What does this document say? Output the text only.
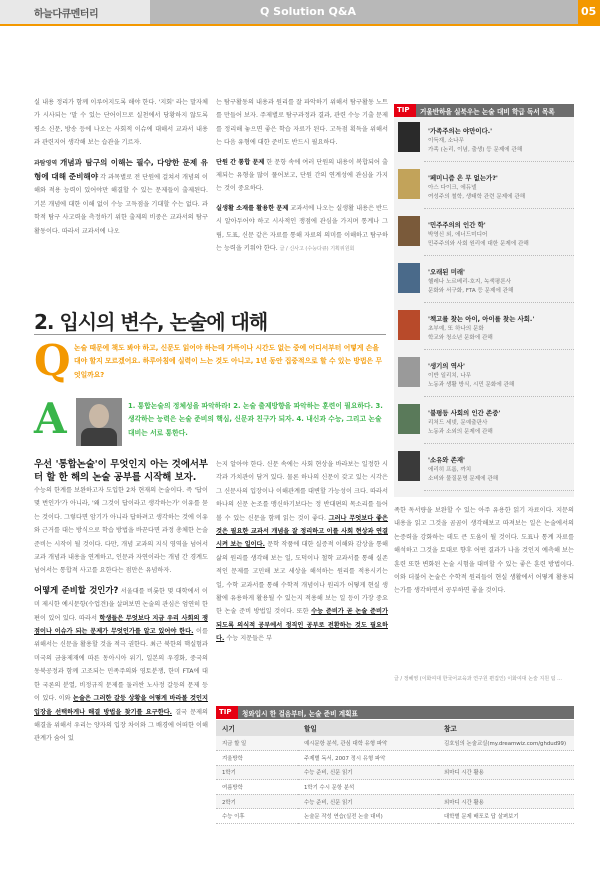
하늘다큐멘터리	Q Solution Q&A	05

실 내용 정리가 함께 이루어지도록 해야 한다. '지회' 라는 말자체가 시사되는 '말 수 있는 단어이므로 실천에서 당황하지 않도록 평소 신문, 방송 등에 나오는 사회적 이슈에 대해서 교과서 내용과 관련지어 생각해 보는 습관을 기르자.

과탐영역 개념과 탐구의 이해는 필수, 다양한 문제 유형에 대해 준비해야 각 과목별로 전 단원에 걸쳐서 개념의 이해와 적용 능력이 있어야만 해결할 수 있는 문제들이 출제된다. 기본 개념에 대한 이해 없이 수능 고득점을 기대할 수는 없다. 과학적 탐구 사고력을 측정하기 위한 출제의 비중은 교과서의 탐구활동이다. 따라서 교과서에 나오

는 탐구활동의 내용과 원리를 잘 파악하기 위해서 탐구활동 노트를 만들어 보자. 주제별로 탐구과정과 결과, 관련 수능 기출 문제를 정리해 놓으면 좋은 학습 자료가 된다. 고득점 획득을 위해서는 다음 유형에 대한 준비도 반드시 필요하다.

단원 간 통합 문제 한 문항 속에 여러 단원의 내용이 복합되어 출제되는 유형을 많이 풀어보고, 단원 간의 연계성에 관심을 가지는 것이 중요하다.

실생활 소재를 활용한 문제 교과서에 나오는 실생활 내용은 반드시 알아두어야 하고 시사적인 쟁점에 관심을 가지며 통계나 그림, 도표, 신문 같은 자료를 통해 자료의 의미를 이해하고 탐구하는 능력을 키워야 한다. 글 / 신사고 (수능다큐) 기획위원회

TIP	거울반하을 실북우는 논술 대비 학급 독서 목록
'가족주의는 야만이다.'
이득재, 소나무
가족 (논리, 이념, 출생) 등 문제에 관해
'페미니즘 은 무 없는가?'
아스 다이크, 에듀넬
여성주의 철학, 생태학 관련 문제에 관해
'민주주의의 인간 학'
박영신 외, 에너드미디어
민주주의와 사회 원리에 대한 문제에 관해
'오래된 미래'
헬레나 노르베리-호지, 녹색평론사
문화와 서구화, FTA 등 문제에 관해
'책고를 찾는 아이, 아이를 찾는 사회.'
초부예, 또 하나의 문화
학교와 청소년 문화에 관해
'생기의 역사'
이반 일리치, 나무
노동과 생활 방식, 시민 문화에 관해
'불평등 사회의 인간 존중'
리처드 세넷, 문예출판사
노동과 소외의 문제에 관해
'소유와 존재'
에리히 프롬, 까치
소비와 물질문명 문제에 관해
2. 입시의 변수, 논술에 대해
Q 논술 때문에 책도 봐야 하고, 신문도 읽어야 하는데 가뜩이나 시간도 없는 중에 어디서부터 어떻게 손을 대야 할지 모르겠어요. 하루아침에 실력이 느는 것도 아니고, 1년 동안 집중적으로 할 수 있는 방법은 무엇일까요?
A	1. 통합논술의 정체성을 파악하라! 2. 논술 출제방향을 파악하는 훈련이 필요하다. 3. 생각하는 능력은 논술 준비의 핵심, 신문과 친구가 되자. 4. 내신과 수능, 그리고 논술 대비는 서로 통한다.

우선 '통합논술'이 무엇인지 아는 것에서부터 할 한 해의 논술 공부를 시작해 보자.

수능의 한계를 보완하고자 도입한 2차 현재의 논술이다. 즉 '답이 몇 번인가'가 아니라, '왜 그것이 답이라고 생각하는가' 이유를 묻는 것이다. 그렇다면 암기가 아니라 답하려고 생각하는 것에 이유와 근거를 대는 방식으로 학습 방법을 바꾼다면 과정 총체한 논술 준비는 시작이 될 것이다. 다만, 개념 교과의 지식 영역을 넘어서 교과 개념과 내용을 연계하고, 인문과 자연이라는 개념 간 경계도 넘어서는 통합적 사고를 요한다는 점만은 유념하자.

어떻게 준비할 것인가? 서울대를 비롯한 몇 대학에서 이미 제시한 예시문항(수업견)을 살펴보면 논술의 관심은 엄연히 한편이 있어 있다. 따라서 학생들은 무엇보다 지금 우리 사회의 쟁점이나 이슈가 되는 문제가 무엇인가를 알고 있어야 한다. 이를 위해서는 신문을 활용할 것을 적극 권한다. 최근 북한의 핵실험과 미국의 금융제재에 따른 동아시아 위기, 일본의 우경화, 중국의 동북공정과 함께 고조되는 민족주의와 영토분쟁, 한미 FTA에 대한 국론의 분열, 비정규직 문제를 둘러싼 노사정 갈등의 문제 등이 있다. 이와 논술은 그러한 갈등 상황을 어떻게 바라볼 것인지 입장을 선택하게나 해결 방법을 찾기를 요구한다. 결국 문제의 해결을 위해서 우리는 양자의 입장 차이와 그 배경에 어떠한 이해관계가 숨어 있

는지 알아야 한다. 신문 속에는 사회 현상을 바라보는 일정한 시각과 가치관이 담겨 있다. 물론 하나의 신문이 갖고 있는 시각은 그 신문사의 입장이나 이해관계를 대변할 가능성이 크다. 따라서 하나의 신문 논조를 맹신하기보다는 정 반대편의 목소리를 들어볼 수 있는 신문을 함께 읽는 것이 좋다. 그러나 무엇보다 좋은 것은 필요한 교과서 개념을 잘 정리하고 이를 사회 현상과 연결시켜 보는 일이다. 문학 작품에 대한 실증적 이해와 감상을 통해 삶의 원리를 생각해 보는 일, 도덕이나 철학 교과서를 통해 실존적인 문제를 고민해 보고 세상을 해석하는 원리를 적용시키는 일, 수학 교과서를 통해 수학적 개념이나 원리가 어떻게 현실 생활에 유용하게 활용될 수 있는지 적용해 보는 일 등이 가장 중요한 논술 준비 방법일 것이다. 또한 수능 준비가 곧 논술 준비가 되도록 의식적 공부에서 정직인 공부로 전환하는 것도 필요하다. 수능 지문들은 부

족한 독서량을 보완할 수 있는 아주 유용한 읽기 자료이다. 지문의 내용을 읽고 그것을 곰곰이 생각해보고 따져보는 일은 논술에서의 논증력을 강화하는 데도 큰 도움이 될 것이다. 도표나 통계 자료를 해석하고 그것을 토대로 향후 어떤 결과가 나올 것인지 예측해 보는 훈련 또한 변화된 논술 시험을 대비할 수 있는 좋은 훈련 방법이다. 이와 더불어 논술은 수학적 원리들이 현실 생활에서 어떻게 활용되는가를 생각하면서 공부하면 좋을 것이다.

글 / 정혜영 (이화여대 한국어교육과 연구원 편집인) 이화여대 논술 지원 팀 ...
TIP	청와입시 한 걸음부터, 논술 준비 계획표
시기	할일	참고
지금 할 일	예시문항 분석, 관심 대학 유형 파악	김호임의 논술교실(my.dreamwiz.com/ghdud99)
겨울방학	주제별 독서, 2007 정시 유형 파악	
1학기	수능 준비, 신문 읽기	외마디 시간 활용
여름방학	1학기 수시 문항 분석	
2학기	수능 준비, 신문 읽기	외마디 시간 활용
수능 이후	논술문 작성 연습(실전 논술 대비)	대학별 문제 배포로 답 살펴보기
